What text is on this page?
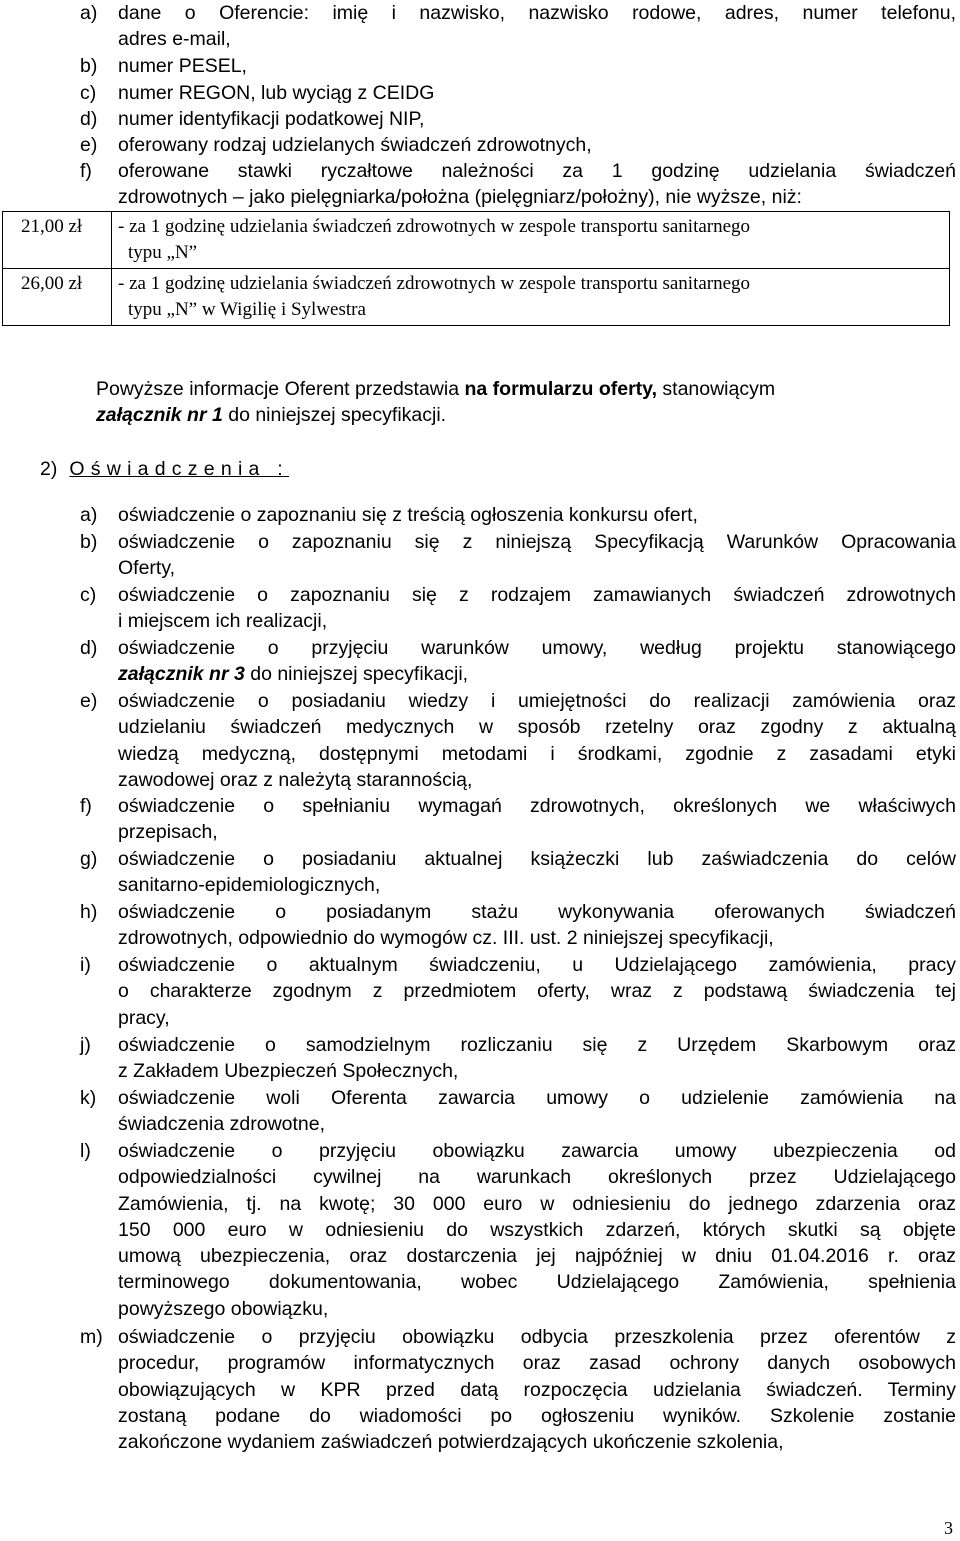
a)	dane o Oferencie: imię i nazwisko, nazwisko rodowe, adres, numer telefonu,
adres e-mail,
b)	numer PESEL,
c)	numer REGON, lub wyciąg z CEIDG
d)	numer identyfikacji podatkowej NIP,
e)	oferowany rodzaj udzielanych świadczeń zdrowotnych,
f)	oferowane stawki ryczałtowe należności za 1 godzinę udzielania świadczeń
zdrowotnych – jako pielęgniarka/położna (pielęgniarz/położny), nie wyższe, niż:
21,00 zł	- za 1 godzinę udzielania świadczeń zdrowotnych w zespole transportu sanitarnego
typu „N”

26,00 zł	- za 1 godzinę udzielania świadczeń zdrowotnych w zespole transportu sanitarnego
typu „N” w Wigilię i Sylwestra
Powyższe informacje Oferent przedstawia na formularzu oferty, stanowiącym
załącznik nr 1 do niniejszej specyfikacji.
2) Oświadczenia :
a)	oświadczenie o zapoznaniu się z treścią ogłoszenia konkursu ofert,
b)	oświadczenie o zapoznaniu się z niniejszą Specyfikacją Warunków Opracowania
Oferty,
c)	oświadczenie o zapoznaniu się z rodzajem zamawianych świadczeń zdrowotnych
i miejscem ich realizacji,
d)	oświadczenie o przyjęciu warunków umowy, według projektu stanowiącego
załącznik nr 3 do niniejszej specyfikacji,
e)	oświadczenie o posiadaniu wiedzy i umiejętności do realizacji zamówienia oraz
udzielaniu świadczeń medycznych w sposób rzetelny oraz zgodny z aktualną
wiedzą medyczną, dostępnymi metodami i środkami, zgodnie z zasadami etyki
zawodowej oraz z należytą starannością,
f)	oświadczenie o spełnianiu wymagań zdrowotnych, określonych we właściwych
przepisach,
g)	oświadczenie o posiadaniu aktualnej książeczki lub zaświadczenia do celów
sanitarno-epidemiologicznych,
h)	oświadczenie o posiadanym stażu wykonywania oferowanych świadczeń
zdrowotnych, odpowiednio do wymogów cz. III. ust. 2 niniejszej specyfikacji,
i)	oświadczenie o aktualnym świadczeniu, u Udzielającego zamówienia, pracy
o charakterze zgodnym z przedmiotem oferty, wraz z podstawą świadczenia tej
pracy,
j)	oświadczenie o samodzielnym rozliczaniu się z Urzędem Skarbowym oraz
z Zakładem Ubezpieczeń Społecznych,
k)	oświadczenie woli Oferenta zawarcia umowy o udzielenie zamówienia na
świadczenia zdrowotne,
l)	oświadczenie o przyjęciu obowiązku zawarcia umowy ubezpieczenia od
odpowiedzialności cywilnej na warunkach określonych przez Udzielającego
Zamówienia, tj. na kwotę; 30 000 euro w odniesieniu do jednego zdarzenia oraz
150 000 euro w odniesieniu do wszystkich zdarzeń, których skutki są objęte
umową ubezpieczenia, oraz dostarczenia jej najpóźniej w dniu 01.04.2016 r. oraz
terminowego dokumentowania, wobec Udzielającego Zamówienia, spełnienia
powyższego obowiązku,
m) oświadczenie o przyjęciu obowiązku odbycia przeszkolenia przez oferentów z
procedur, programów informatycznych oraz zasad ochrony danych osobowych
obowiązujących w KPR przed datą rozpoczęcia udzielania świadczeń. Terminy
zostaną podane do wiadomości po ogłoszeniu wyników. Szkolenie zostanie
zakończone wydaniem zaświadczeń potwierdzających ukończenie szkolenia,
3
